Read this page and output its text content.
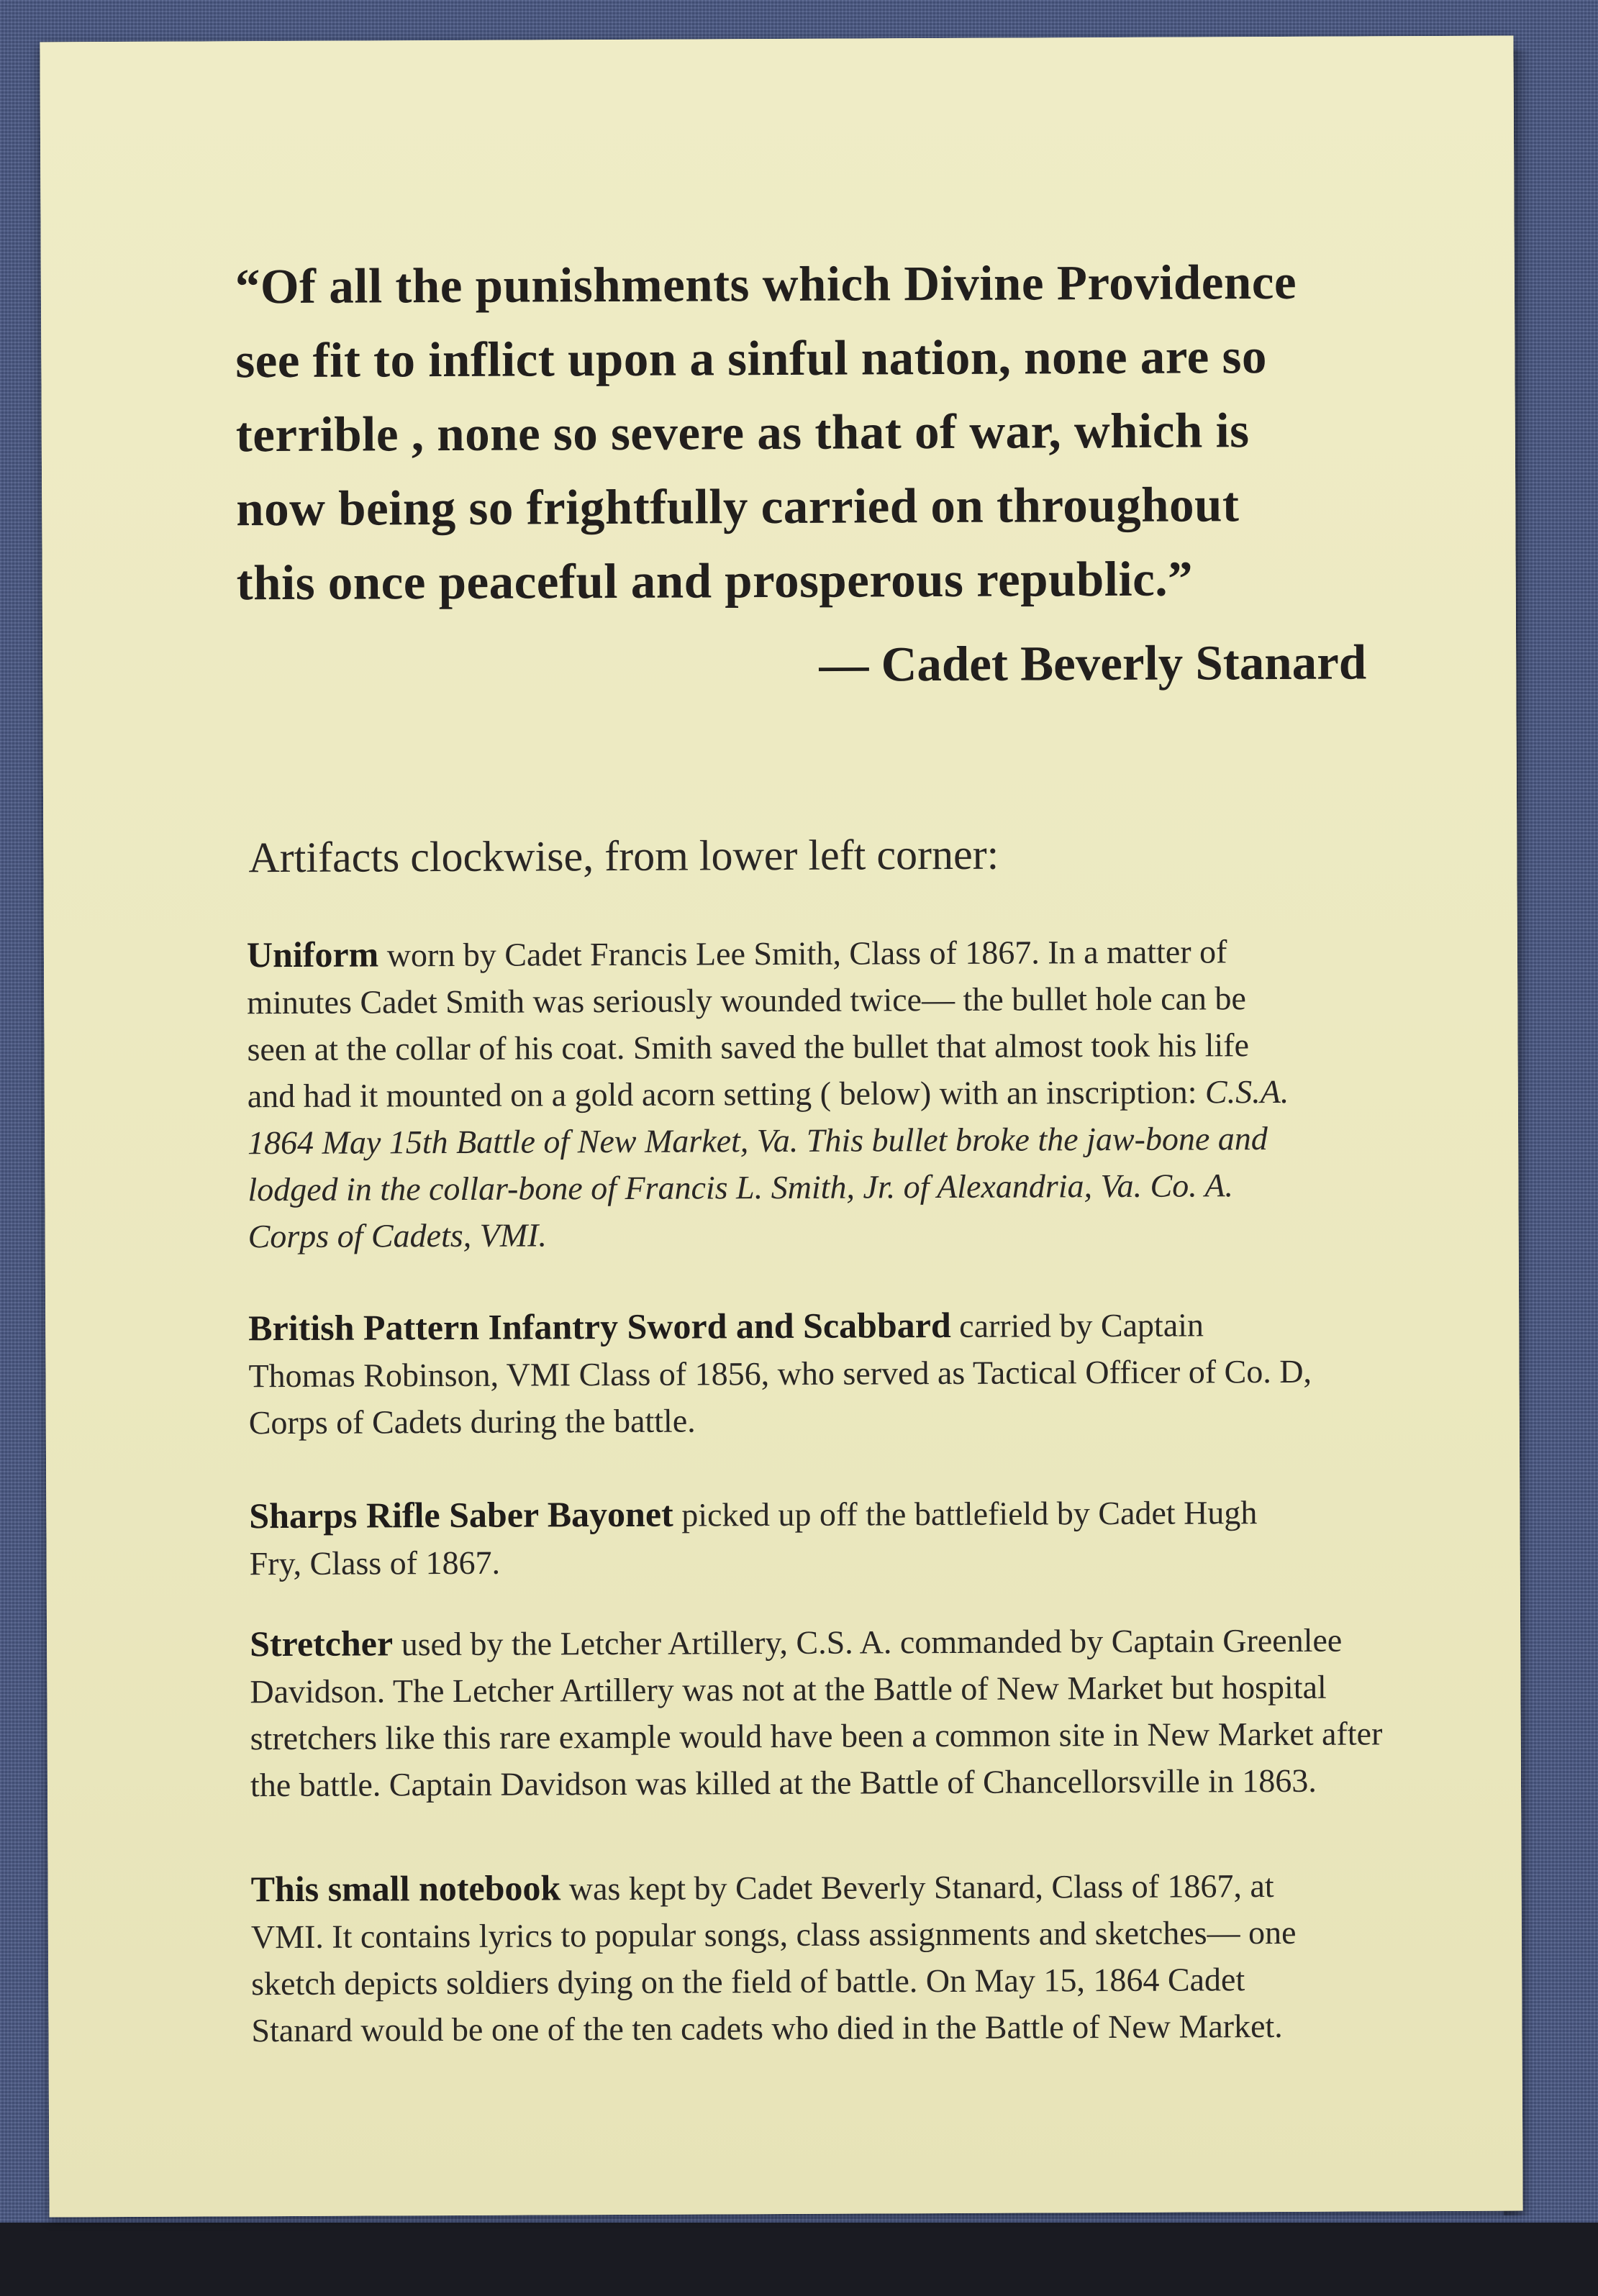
“Of all the punishments which Divine Providence
see fit to inflict upon a sinful nation, none are so
terrible , none so severe as that of war, which is
now being so frightfully carried on throughout
this once peaceful and prosperous republic.”

— Cadet Beverly Stanard
Artifacts clockwise, from lower left corner:
Uniform worn by Cadet Francis Lee Smith, Class of 1867. In a matter of
minutes Cadet Smith was seriously wounded twice— the bullet hole can be
seen at the collar of his coat. Smith saved the bullet that almost took his life
and had it mounted on a gold acorn setting ( below) with an inscription: C.S.A.
1864 May 15th Battle of New Market, Va. This bullet broke the jaw-bone and
lodged in the collar-bone of Francis L. Smith, Jr. of Alexandria, Va. Co. A.
Corps of Cadets, VMI.
British Pattern Infantry Sword and Scabbard carried by Captain
Thomas Robinson, VMI Class of 1856, who served as Tactical Officer of Co. D,
Corps of Cadets during the battle.
Sharps Rifle Saber Bayonet picked up off the battlefield by Cadet Hugh
Fry, Class of 1867.
Stretcher used by the Letcher Artillery, C.S. A. commanded by Captain Greenlee
Davidson. The Letcher Artillery was not at the Battle of New Market but hospital
stretchers like this rare example would have been a common site in New Market after
the battle. Captain Davidson was killed at the Battle of Chancellorsville in 1863.
This small notebook was kept by Cadet Beverly Stanard, Class of 1867, at
VMI. It contains lyrics to popular songs, class assignments and sketches— one
sketch depicts soldiers dying on the field of battle. On May 15, 1864 Cadet
Stanard would be one of the ten cadets who died in the Battle of New Market.
